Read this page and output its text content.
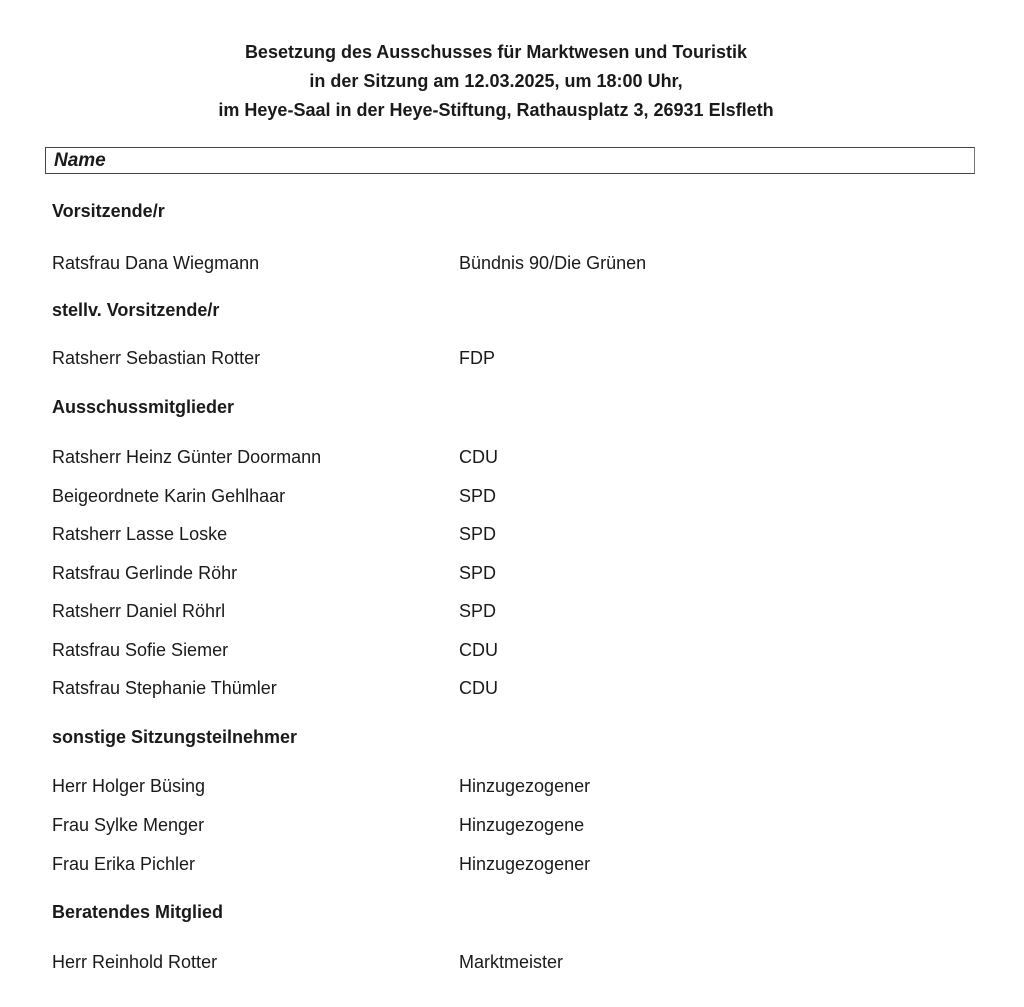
Besetzung des Ausschusses für Marktwesen und Touristik
in der Sitzung am 12.03.2025, um 18:00 Uhr,
im Heye-Saal in der Heye-Stiftung, Rathausplatz 3, 26931 Elsfleth
Name
Vorsitzende/r
Ratsfrau Dana Wiegmann	Bündnis 90/Die Grünen
stellv. Vorsitzende/r
Ratsherr Sebastian Rotter	FDP
Ausschussmitglieder
Ratsherr Heinz Günter Doormann	CDU
Beigeordnete Karin Gehlhaar	SPD
Ratsherr Lasse Loske	SPD
Ratsfrau Gerlinde Röhr	SPD
Ratsherr Daniel Röhrl	SPD
Ratsfrau Sofie Siemer	CDU
Ratsfrau Stephanie Thümler	CDU
sonstige Sitzungsteilnehmer
Herr Holger Büsing	Hinzugezogener
Frau Sylke Menger	Hinzugezogene
Frau Erika Pichler	Hinzugezogener
Beratendes Mitglied
Herr Reinhold Rotter	Marktmeister
